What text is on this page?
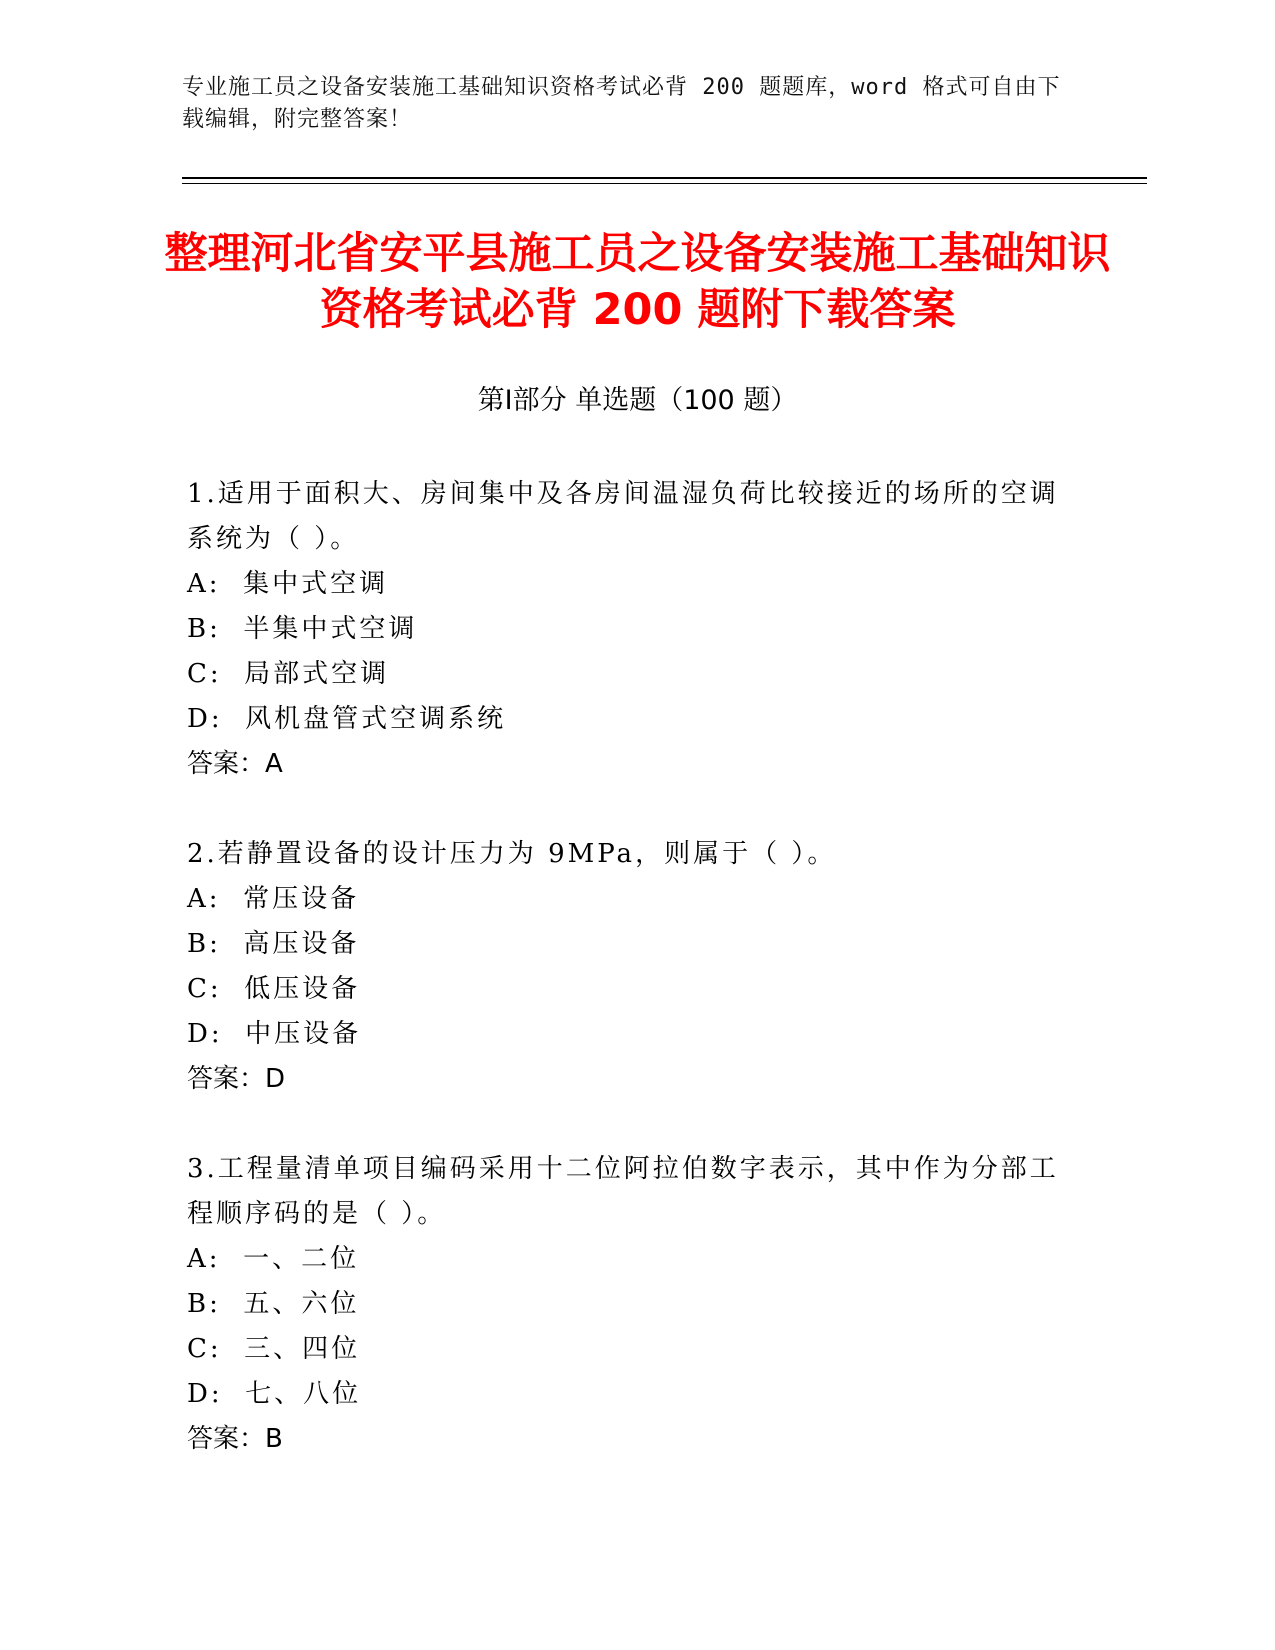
专业施工员之设备安装施工基础知识资格考试必背 200 题题库，word 格式可自由下载编辑，附完整答案！
整理河北省安平县施工员之设备安装施工基础知识资格考试必背 200 题附下载答案
第Ⅰ部分 单选题（100 题）
1.适用于面积大、房间集中及各房间温湿负荷比较接近的场所的空调系统为（ ）。
A:  集中式空调
B:  半集中式空调
C:  局部式空调
D:  风机盘管式空调系统
答案：A
2.若静置设备的设计压力为 9MPa，则属于（ ）。
A:  常压设备
B:  高压设备
C:  低压设备
D:  中压设备
答案：D
3.工程量清单项目编码采用十二位阿拉伯数字表示，其中作为分部工程顺序码的是（ ）。
A:  一、二位
B:  五、六位
C:  三、四位
D:  七、八位
答案：B
